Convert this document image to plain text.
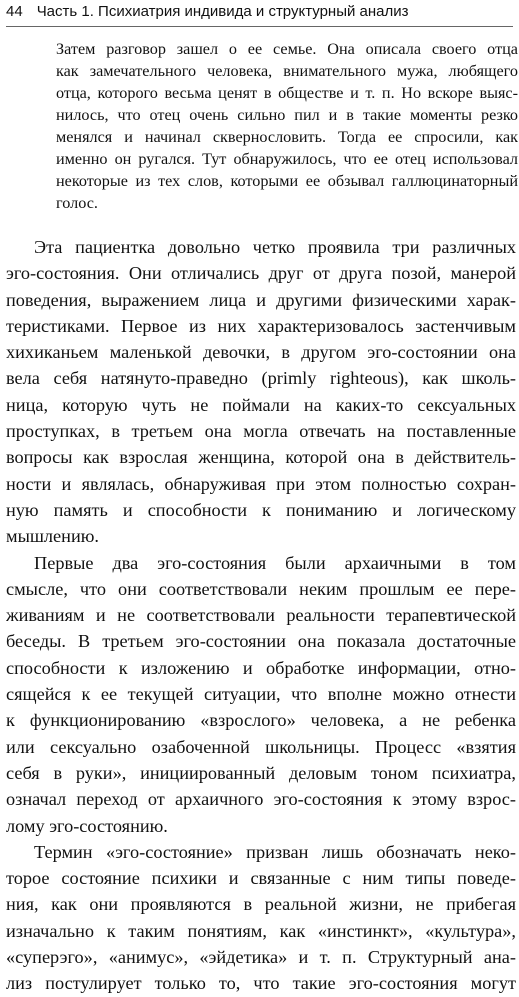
44 Часть 1. Психиатрия индивида и структурный анализ
Затем разговор зашел о ее семье. Она описала своего отца
как замечательного человека, внимательного мужа, любящего
отца, которого весьма ценят в обществе и т. п. Но вскоре выяс-
нилось, что отец очень сильно пил и в такие моменты резко
менялся и начинал сквернословить. Тогда ее спросили, как
именно он ругался. Тут обнаружилось, что ее отец использовал
некоторые из тех слов, которыми ее обзывал галлюцинаторный
голос.
Эта пациентка довольно четко проявила три различных
эго-состояния. Они отличались друг от друга позой, манерой
поведения, выражением лица и другими физическими харак-
теристиками. Первое из них характеризовалось застенчивым
хихиканьем маленькой девочки, в другом эго-состоянии она
вела себя натянуто-праведно (primly righteous), как школь-
ница, которую чуть не поймали на каких-то сексуальных
проступках, в третьем она могла отвечать на поставленные
вопросы как взрослая женщина, которой она в действитель-
ности и являлась, обнаруживая при этом полностью сохран-
ную память и способности к пониманию и логическому
мышлению.
Первые два эго-состояния были архаичными в том
смысле, что они соответствовали неким прошлым ее пере-
живаниям и не соответствовали реальности терапевтической
беседы. В третьем эго-состоянии она показала достаточные
способности к изложению и обработке информации, отно-
сящейся к ее текущей ситуации, что вполне можно отнести
к функционированию «взрослого» человека, а не ребенка
или сексуально озабоченной школьницы. Процесс «взятия
себя в руки», инициированный деловым тоном психиатра,
означал переход от архаичного эго-состояния к этому взрос-
лому эго-состоянию.
Термин «эго-состояние» призван лишь обозначать неко-
торое состояние психики и связанные с ним типы поведе-
ния, как они проявляются в реальной жизни, не прибегая
изначально к таким понятиям, как «инстинкт», «культура»,
«суперэго», «анимус», «эйдетика» и т. п. Структурный ана-
лиз постулирует только то, что такие эго-состояния могут
